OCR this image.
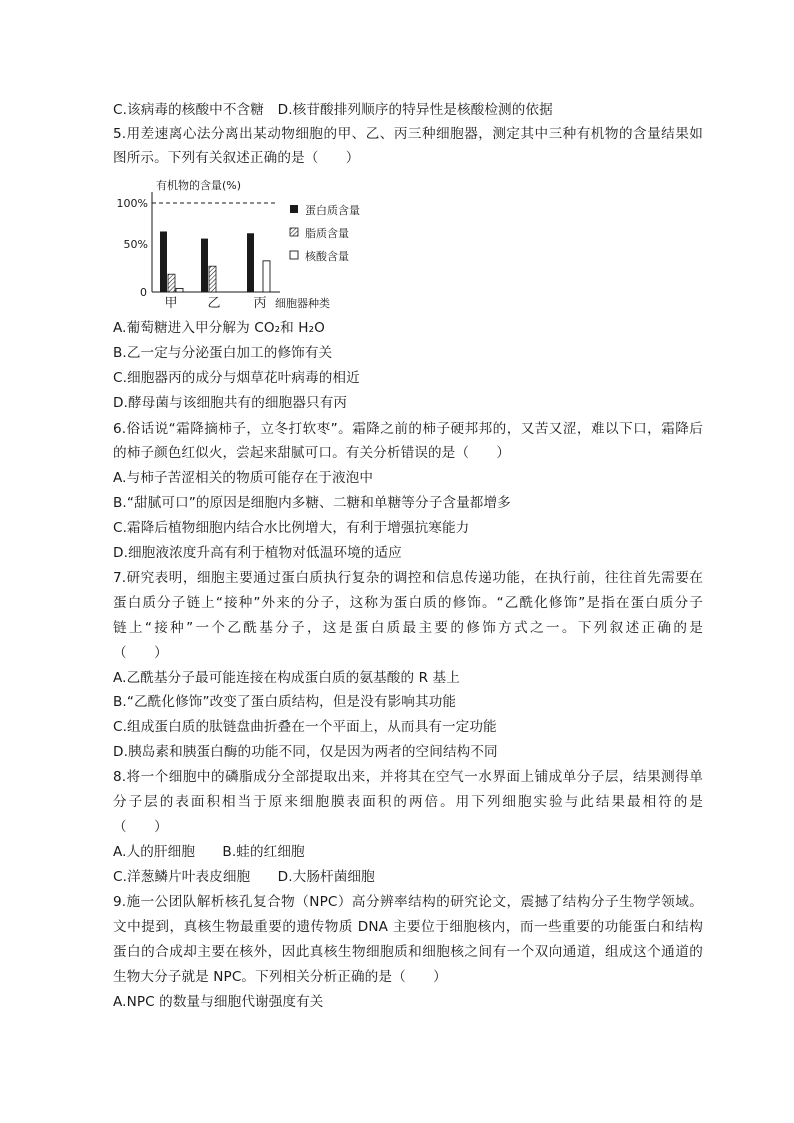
C.该病毒的核酸中不含糖　D.核苷酸排列顺序的特异性是核酸检测的依据
5.用差速离心法分离出某动物细胞的甲、乙、丙三种细胞器，测定其中三种有机物的含量结果如
图所示。下列有关叙述正确的是（　　）
有机物的含量(%)
0
50%
100%
甲 乙	丙 细胞器种类
蛋白质含量
脂质含量
核酸含量
A.葡萄糖进入甲分解为 CO₂和 H₂O
B.乙一定与分泌蛋白加工的修饰有关
C.细胞器丙的成分与烟草花叶病毒的相近
D.酵母菌与该细胞共有的细胞器只有丙
6.俗话说“霜降摘柿子，立冬打软枣”。霜降之前的柿子硬邦邦的，又苦又涩，难以下口，霜降后
的柿子颜色红似火，尝起来甜腻可口。有关分析错误的是（　　）
A.与柿子苦涩相关的物质可能存在于液泡中
B.“甜腻可口”的原因是细胞内多糖、二糖和单糖等分子含量都增多
C.霜降后植物细胞内结合水比例增大，有利于增强抗寒能力
D.细胞液浓度升高有利于植物对低温环境的适应
7.研究表明，细胞主要通过蛋白质执行复杂的调控和信息传递功能，在执行前，往往首先需要在
蛋白质分子链上“接种”外来的分子，这称为蛋白质的修饰。“乙酰化修饰”是指在蛋白质分子
链上“接种”一个乙酰基分子，这是蛋白质最主要的修饰方式之一。下列叙述正确的是
（　　）
A.乙酰基分子最可能连接在构成蛋白质的氨基酸的 R 基上
B.“乙酰化修饰”改变了蛋白质结构，但是没有影响其功能
C.组成蛋白质的肽链盘曲折叠在一个平面上，从而具有一定功能
D.胰岛素和胰蛋白酶的功能不同，仅是因为两者的空间结构不同
8.将一个细胞中的磷脂成分全部提取出来，并将其在空气一水界面上铺成单分子层，结果测得单
分子层的表面积相当于原来细胞膜表面积的两倍。用下列细胞实验与此结果最相符的是
（　　）
A.人的肝细胞　　B.蛙的红细胞
C.洋葱鳞片叶表皮细胞　　D.大肠杆菌细胞
9.施一公团队解析核孔复合物（NPC）高分辨率结构的研究论文，震撼了结构分子生物学领域。
文中提到，真核生物最重要的遗传物质 DNA 主要位于细胞核内，而一些重要的功能蛋白和结构
蛋白的合成却主要在核外，因此真核生物细胞质和细胞核之间有一个双向通道，组成这个通道的
生物大分子就是 NPC。下列相关分析正确的是（　　）
A.NPC 的数量与细胞代谢强度有关
